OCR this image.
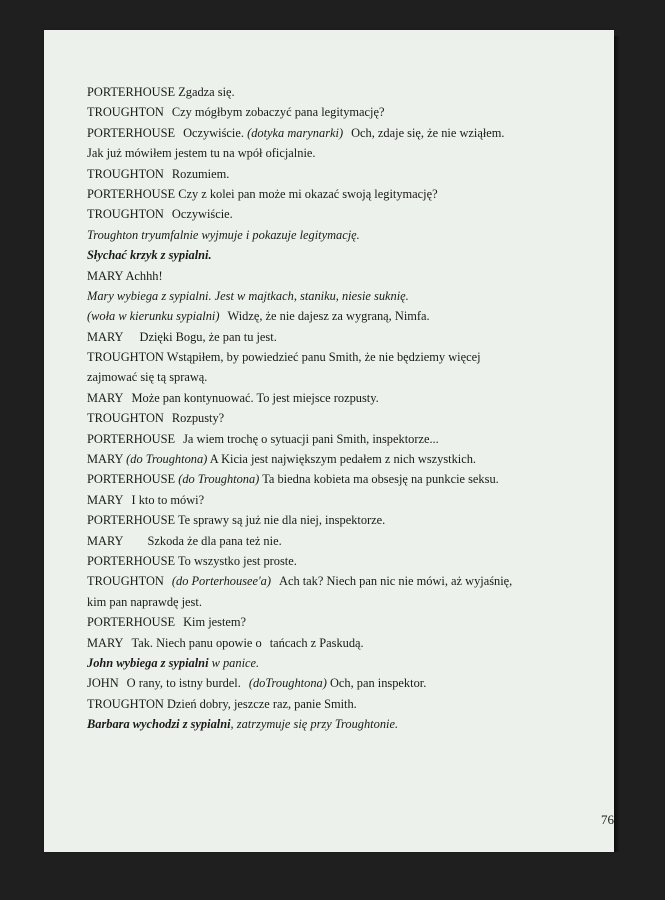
PORTERHOUSE Zgadza się.
TROUGHTON Czy mógłbym zobaczyć pana legitymację?
PORTERHOUSE Oczywiście. (dotyka marynarki) Och, zdaje się, że nie wziąłem.
Jak już mówiłem jestem tu na wpół oficjalnie.
TROUGHTON Rozumiem.
PORTERHOUSE Czy z kolei pan może mi okazać swoją legitymację?
TROUGHTON Oczywiście.
Troughton tryumfalnie wyjmuje i pokazuje legitymację.
Słychać krzyk z sypialni.
MARY Achhh!
Mary wybiega z sypialni. Jest w majtkach, staniku, niesie suknię.
(woła w kierunku sypialni) Widzę, że nie dajesz za wygraną, Nimfa.
MARY Dzięki Bogu, że pan tu jest.
TROUGHTON Wstąpiłem, by powiedzieć panu Smith, że nie będziemy więcej
zajmować się tą sprawą.
MARY Może pan kontynuować. To jest miejsce rozpusty.
TROUGHTON Rozpusty?
PORTERHOUSE Ja wiem trochę o sytuacji pani Smith, inspektorze...
MARY (do Troughtona) A Kicia jest największym pedałem z nich wszystkich.
PORTERHOUSE (do Troughtona) Ta biedna kobieta ma obsesję na punkcie seksu.
MARY I kto to mówi?
PORTERHOUSE Te sprawy są już nie dla niej, inspektorze.
MARY Szkoda że dla pana też nie.
PORTERHOUSE To wszystko jest proste.
TROUGHTON (do Porterhousee'a) Ach tak? Niech pan nic nie mówi, aż wyjaśnię,
kim pan naprawdę jest.
PORTERHOUSE Kim jestem?
MARY Tak. Niech panu opowie o tańcach z Paskudą.
John wybiega z sypialni w panice.
JOHN O rany, to istny burdel. (doTroughtona) Och, pan inspektor.
TROUGHTON Dzień dobry, jeszcze raz, panie Smith.
Barbara wychodzi z sypialni, zatrzymuje się przy Troughtonie.
76
